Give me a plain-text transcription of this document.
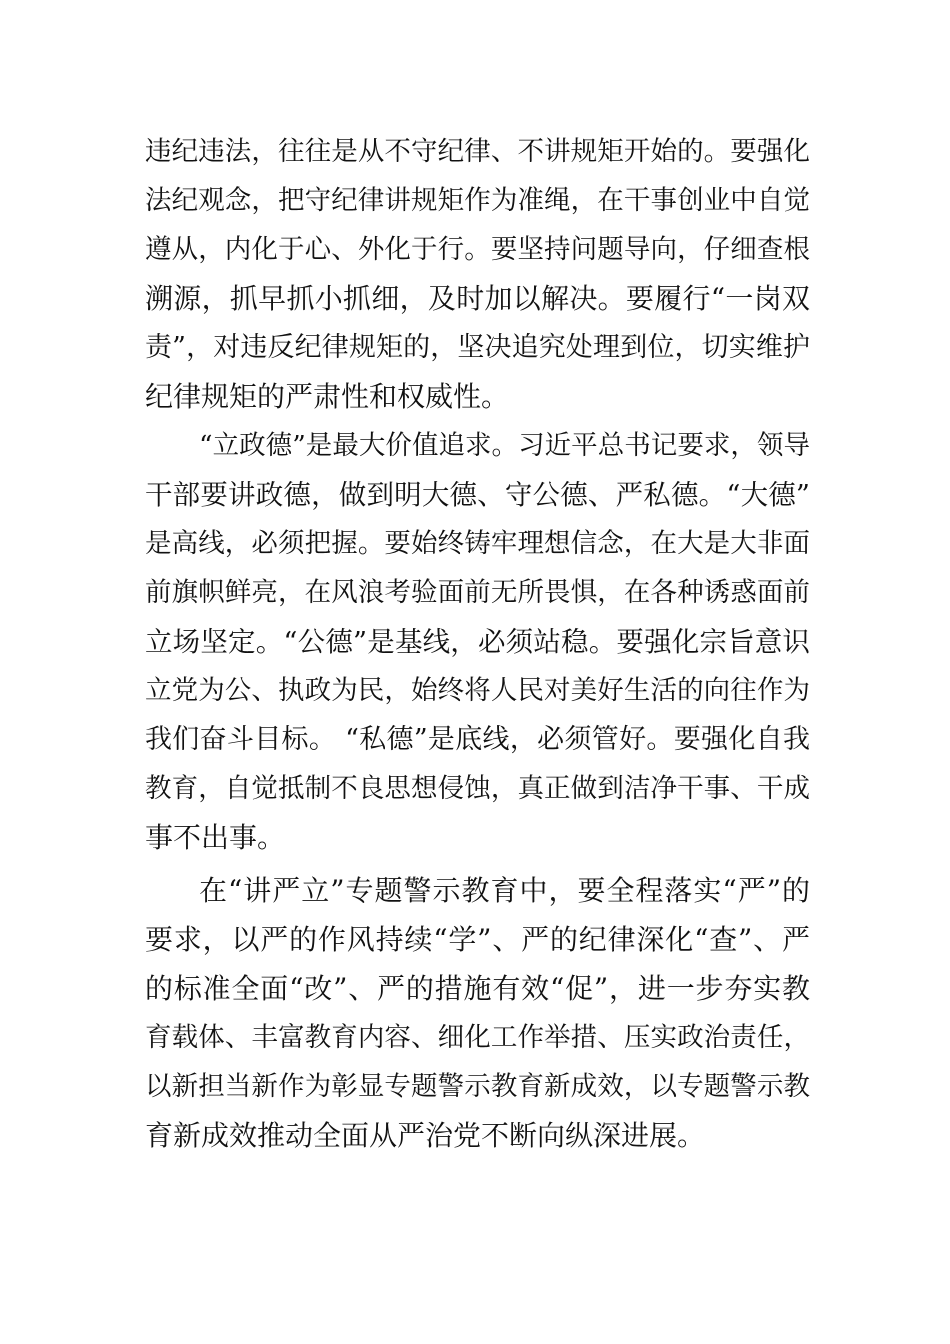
违纪违法，往往是从不守纪律、不讲规矩开始的。要强化
法纪观念，把守纪律讲规矩作为准绳，在干事创业中自觉
遵从，内化于心、外化于行。要坚持问题导向，仔细查根
溯源，抓早抓小抓细，及时加以解决。要履行“一岗双
责”，对违反纪律规矩的，坚决追究处理到位，切实维护
纪律规矩的严肃性和权威性。
“立政德”是最大价值追求。习近平总书记要求，领导
干部要讲政德，做到明大德、守公德、严私德。“大德”
是高线，必须把握。要始终铸牢理想信念，在大是大非面
前旗帜鲜亮，在风浪考验面前无所畏惧，在各种诱惑面前
立场坚定。“公德”是基线，必须站稳。要强化宗旨意识
立党为公、执政为民，始终将人民对美好生活的向往作为
我们奋斗目标。 “私德”是底线，必须管好。要强化自我
教育，自觉抵制不良思想侵蚀，真正做到洁净干事、干成
事不出事。
在“讲严立”专题警示教育中，要全程落实“严”的
要求，以严的作风持续“学”、严的纪律深化“查”、严
的标准全面“改”、严的措施有效“促”，进一步夯实教
育载体、丰富教育内容、细化工作举措、压实政治责任，
以新担当新作为彰显专题警示教育新成效，以专题警示教
育新成效推动全面从严治党不断向纵深进展。
